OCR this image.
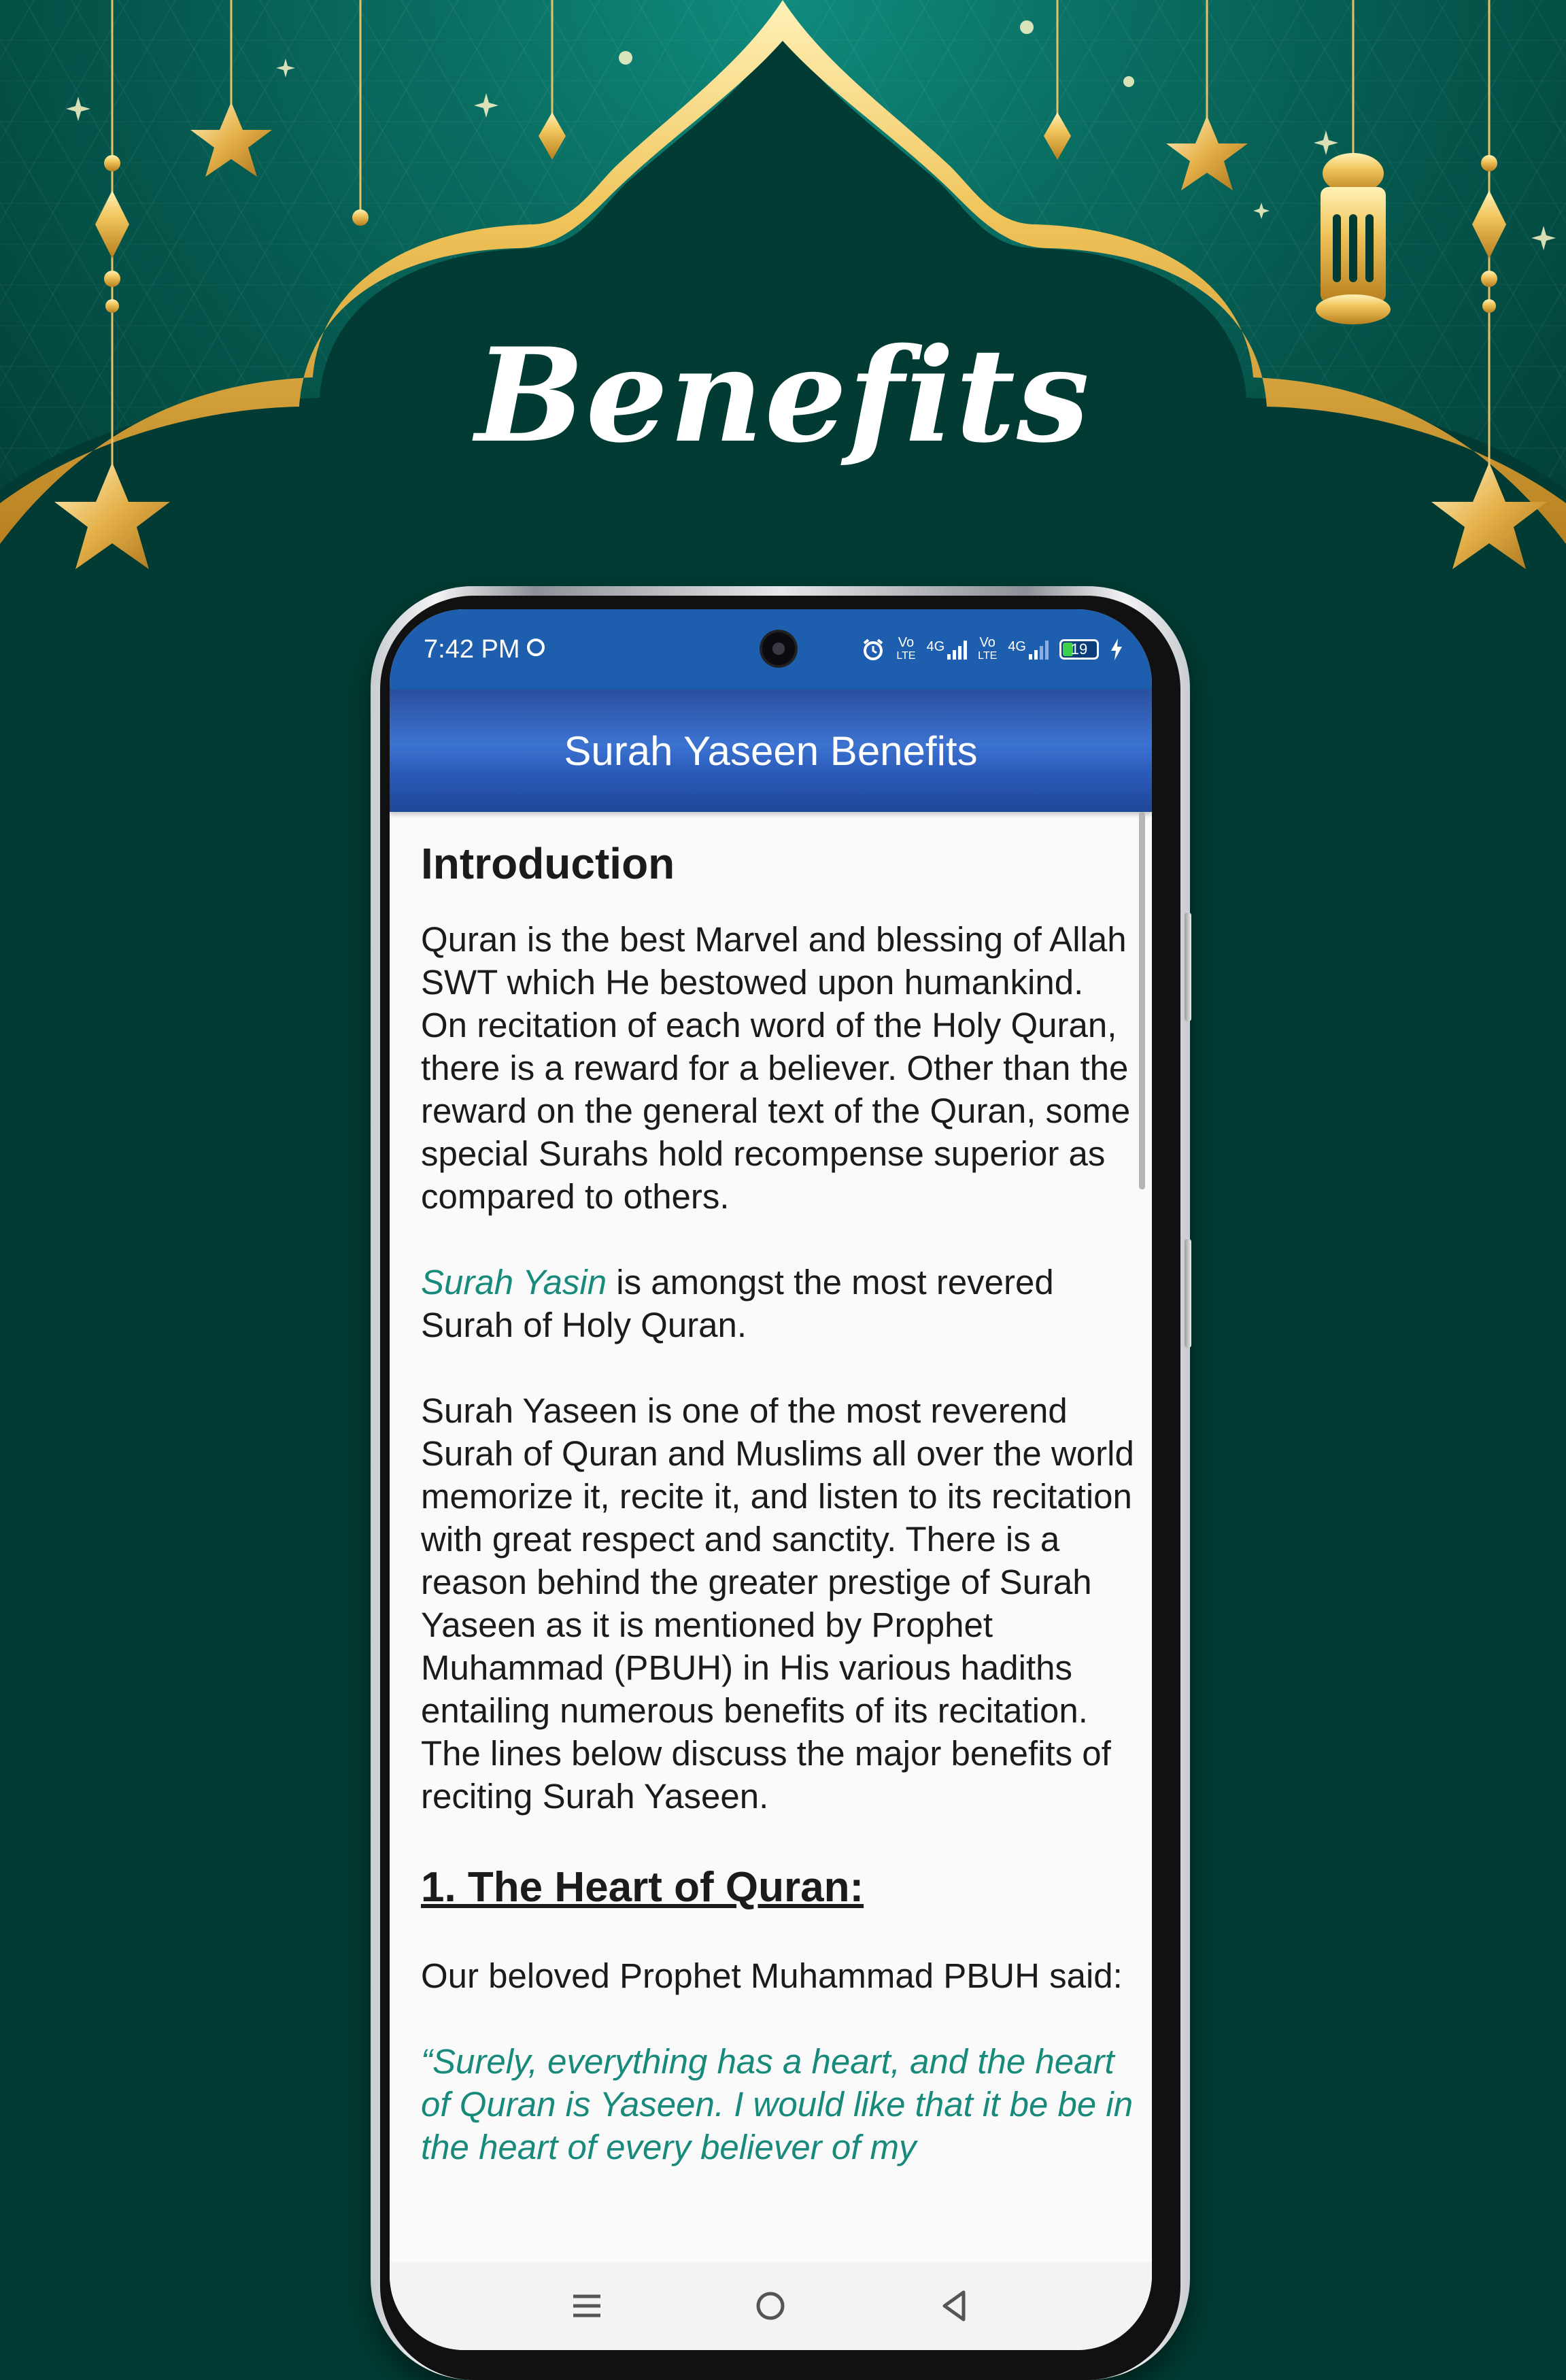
Benefits
7:42 PM	Vo
LTE
4G	Vo
LTE
4G	19
Surah Yaseen Benefits
Introduction

Quran is the best Marvel and blessing of Allah SWT which He bestowed upon humankind. On recitation of each word of the Holy Quran, there is a reward for a believer. Other than the reward on the general text of the Quran, some special Surahs hold recompense superior as compared to others.

Surah Yasin is amongst the most revered Surah of Holy Quran.

Surah Yaseen is one of the most reverend Surah of Quran and Muslims all over the world memorize it, recite it, and listen to its recitation with great respect and sanctity. There is a reason behind the greater prestige of Surah Yaseen as it is mentioned by Prophet Muhammad (PBUH) in His various hadiths entailing numerous benefits of its recitation. The lines below discuss the major benefits of reciting Surah Yaseen.

1. The Heart of Quran:

Our beloved Prophet Muhammad PBUH said:

“Surely, everything has a heart, and the heart of Quran is Yaseen. I would like that it be be in the heart of every believer of my
